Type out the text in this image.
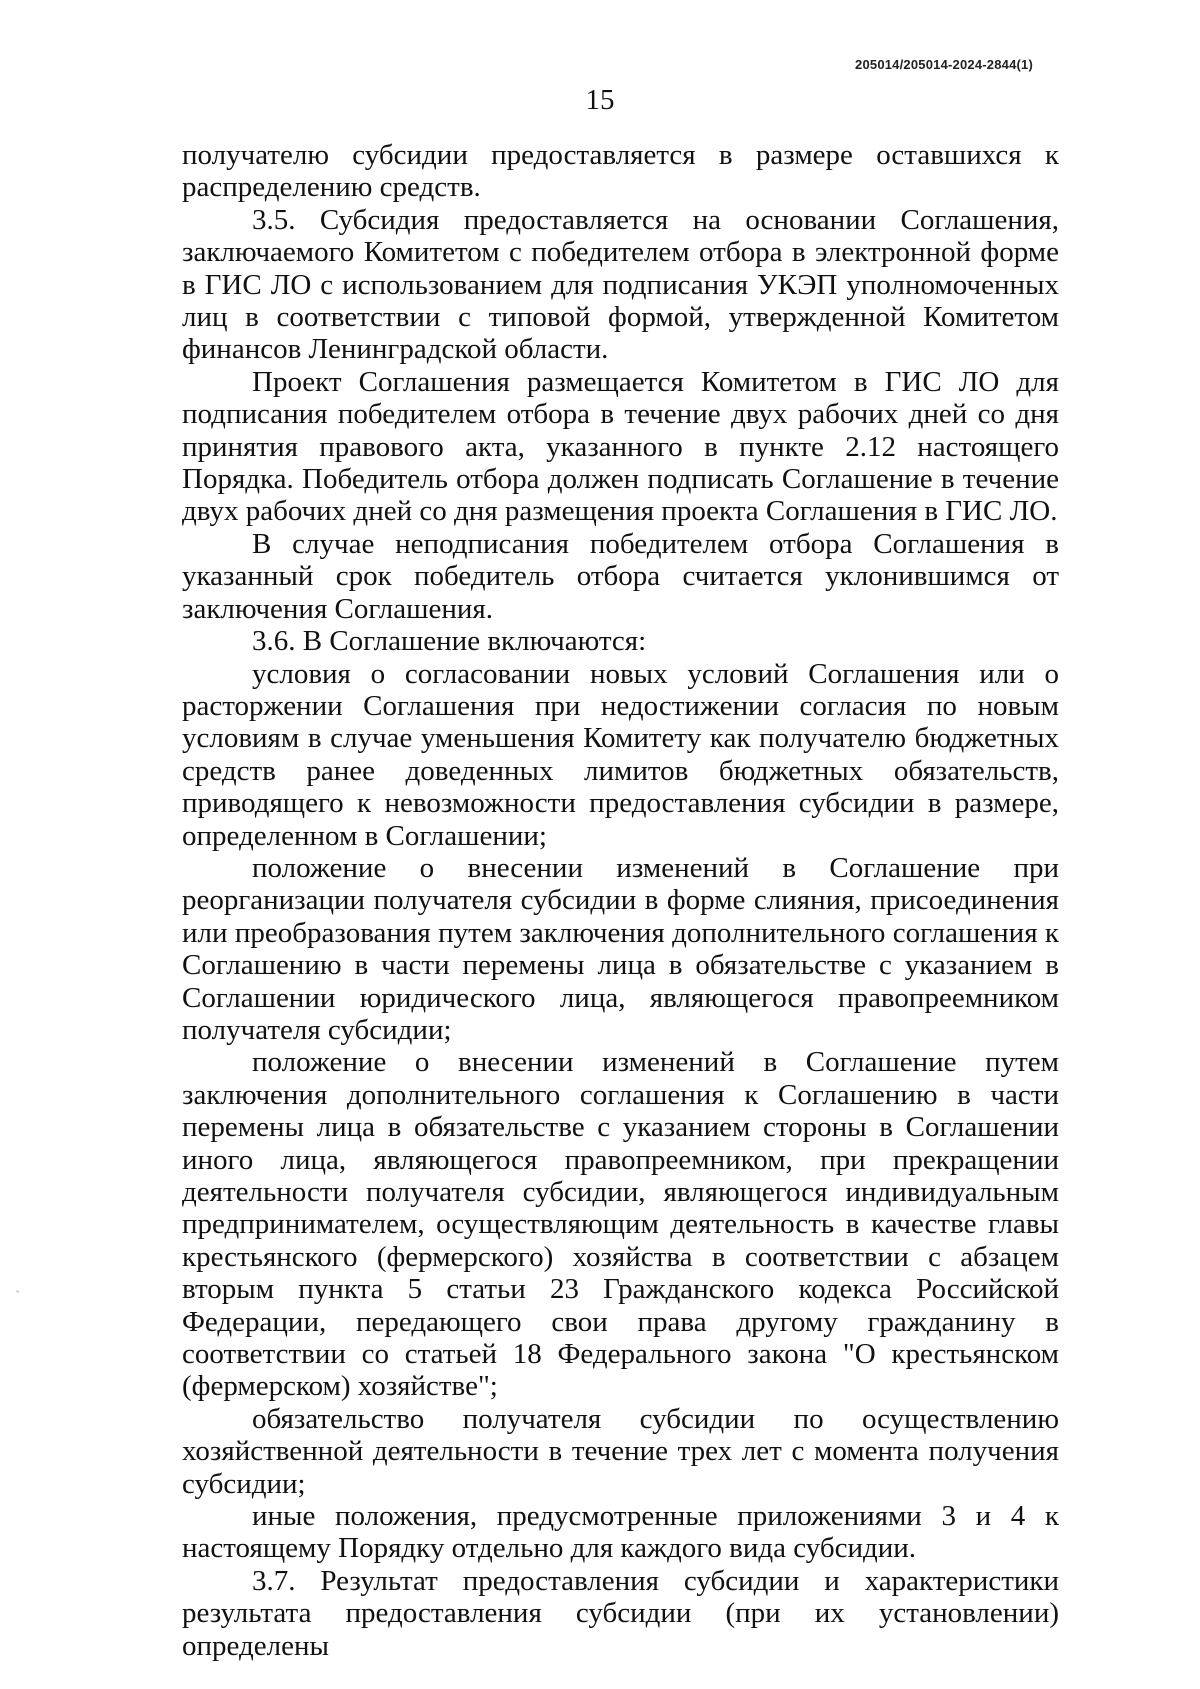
205014/205014-2024-2844(1)
15

получателю субсидии предоставляется в размере оставшихся к распределению средств.

3.5. Субсидия предоставляется на основании Соглашения, заключаемого Комитетом с победителем отбора в электронной форме в ГИС ЛО с использованием для подписания УКЭП уполномоченных лиц в соответствии с типовой формой, утвержденной Комитетом финансов Ленинградской области.

Проект Соглашения размещается Комитетом в ГИС ЛО для подписания победителем отбора в течение двух рабочих дней со дня принятия правового акта, указанного в пункте 2.12 настоящего Порядка. Победитель отбора должен подписать Соглашение в течение двух рабочих дней со дня размещения проекта Соглашения в ГИС ЛО.

В случае неподписания победителем отбора Соглашения в указанный срок победитель отбора считается уклонившимся от заключения Соглашения.

3.6. В Соглашение включаются:

условия о согласовании новых условий Соглашения или о расторжении Соглашения при недостижении согласия по новым условиям в случае уменьшения Комитету как получателю бюджетных средств ранее доведенных лимитов бюджетных обязательств, приводящего к невозможности предоставления субсидии в размере, определенном в Соглашении;

положение о внесении изменений в Соглашение при реорганизации получателя субсидии в форме слияния, присоединения или преобразования путем заключения дополнительного соглашения к Соглашению в части перемены лица в обязательстве с указанием в Соглашении юридического лица, являющегося правопреемником получателя субсидии;

положение о внесении изменений в Соглашение путем заключения дополнительного соглашения к Соглашению в части перемены лица в обязательстве с указанием стороны в Соглашении иного лица, являющегося правопреемником, при прекращении деятельности получателя субсидии, являющегося индивидуальным предпринимателем, осуществляющим деятельность в качестве главы крестьянского (фермерского) хозяйства в соответствии с абзацем вторым пункта 5 статьи 23 Гражданского кодекса Российской Федерации, передающего свои права другому гражданину в соответствии со статьей 18 Федерального закона "О крестьянском (фермерском) хозяйстве";

обязательство получателя субсидии по осуществлению хозяйственной деятельности в течение трех лет с момента получения субсидии;

иные положения, предусмотренные приложениями 3 и 4 к настоящему Порядку отдельно для каждого вида субсидии.

3.7. Результат предоставления субсидии и характеристики результата предоставления субсидии (при их установлении) определены
